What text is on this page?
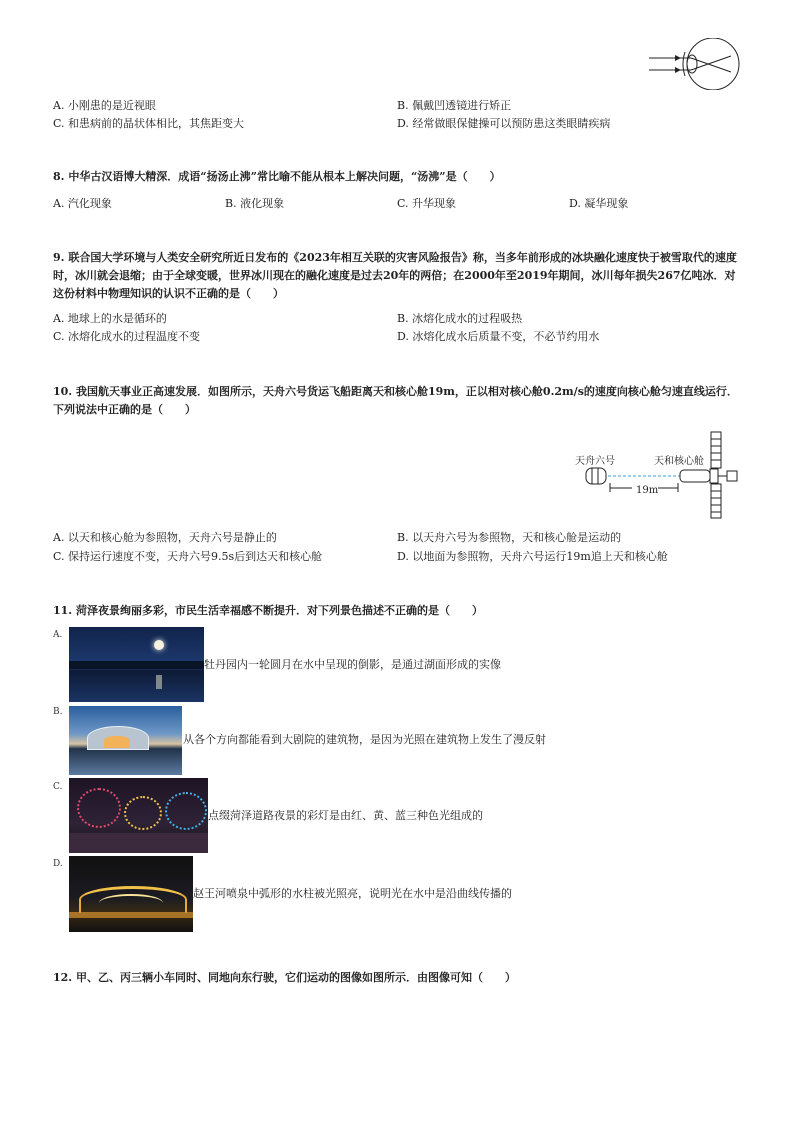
A. 小刚患的是近视眼	B. 佩戴凹透镜进行矫正
C. 和患病前的晶状体相比，其焦距变大	D. 经常做眼保健操可以预防患这类眼睛疾病
8. 中华古汉语博大精深．成语“扬汤止沸”常比喻不能从根本上解决问题，“汤沸”是（　　）
A. 汽化现象	B. 液化现象	C. 升华现象	D. 凝华现象
9. 联合国大学环境与人类安全研究所近日发布的《2023年相互关联的灾害风险报告》称，当多年前形成的冰块融化速度快于被雪取代的速度时，冰川就会退缩；由于全球变暖，世界冰川现在的融化速度是过去20年的两倍；在2000年至2019年期间，冰川每年损失267亿吨冰．对这份材料中物理知识的认识不正确的是（　　）
A. 地球上的水是循环的	B. 冰熔化成水的过程吸热
C. 冰熔化成水的过程温度不变	D. 冰熔化成水后质量不变，不必节约用水
10. 我国航天事业正高速发展．如图所示，天舟六号货运飞船距离天和核心舱19m，正以相对核心舱0.2m/s的速度向核心舱匀速直线运行．下列说法中正确的是（　　）
天舟六号	天和核心舱
19m
A. 以天和核心舱为参照物，天舟六号是静止的	B. 以天舟六号为参照物，天和核心舱是运动的
C. 保持运行速度不变，天舟六号9.5s后到达天和核心舱	D. 以地面为参照物，天舟六号运行19m追上天和核心舱
11. 菏泽夜景绚丽多彩，市民生活幸福感不断提升．对下列景色描述不正确的是（　　）
A.
牡丹园内一轮圆月在水中呈现的倒影，是通过湖面形成的实像
B.
从各个方向都能看到大剧院的建筑物，是因为光照在建筑物上发生了漫反射
C.
点缀菏泽道路夜景的彩灯是由红、黄、蓝三种色光组成的
D.
赵王河喷泉中弧形的水柱被光照亮，说明光在水中是沿曲线传播的
12. 甲、乙、丙三辆小车同时、同地向东行驶，它们运动的图像如图所示．由图像可知（　　）
